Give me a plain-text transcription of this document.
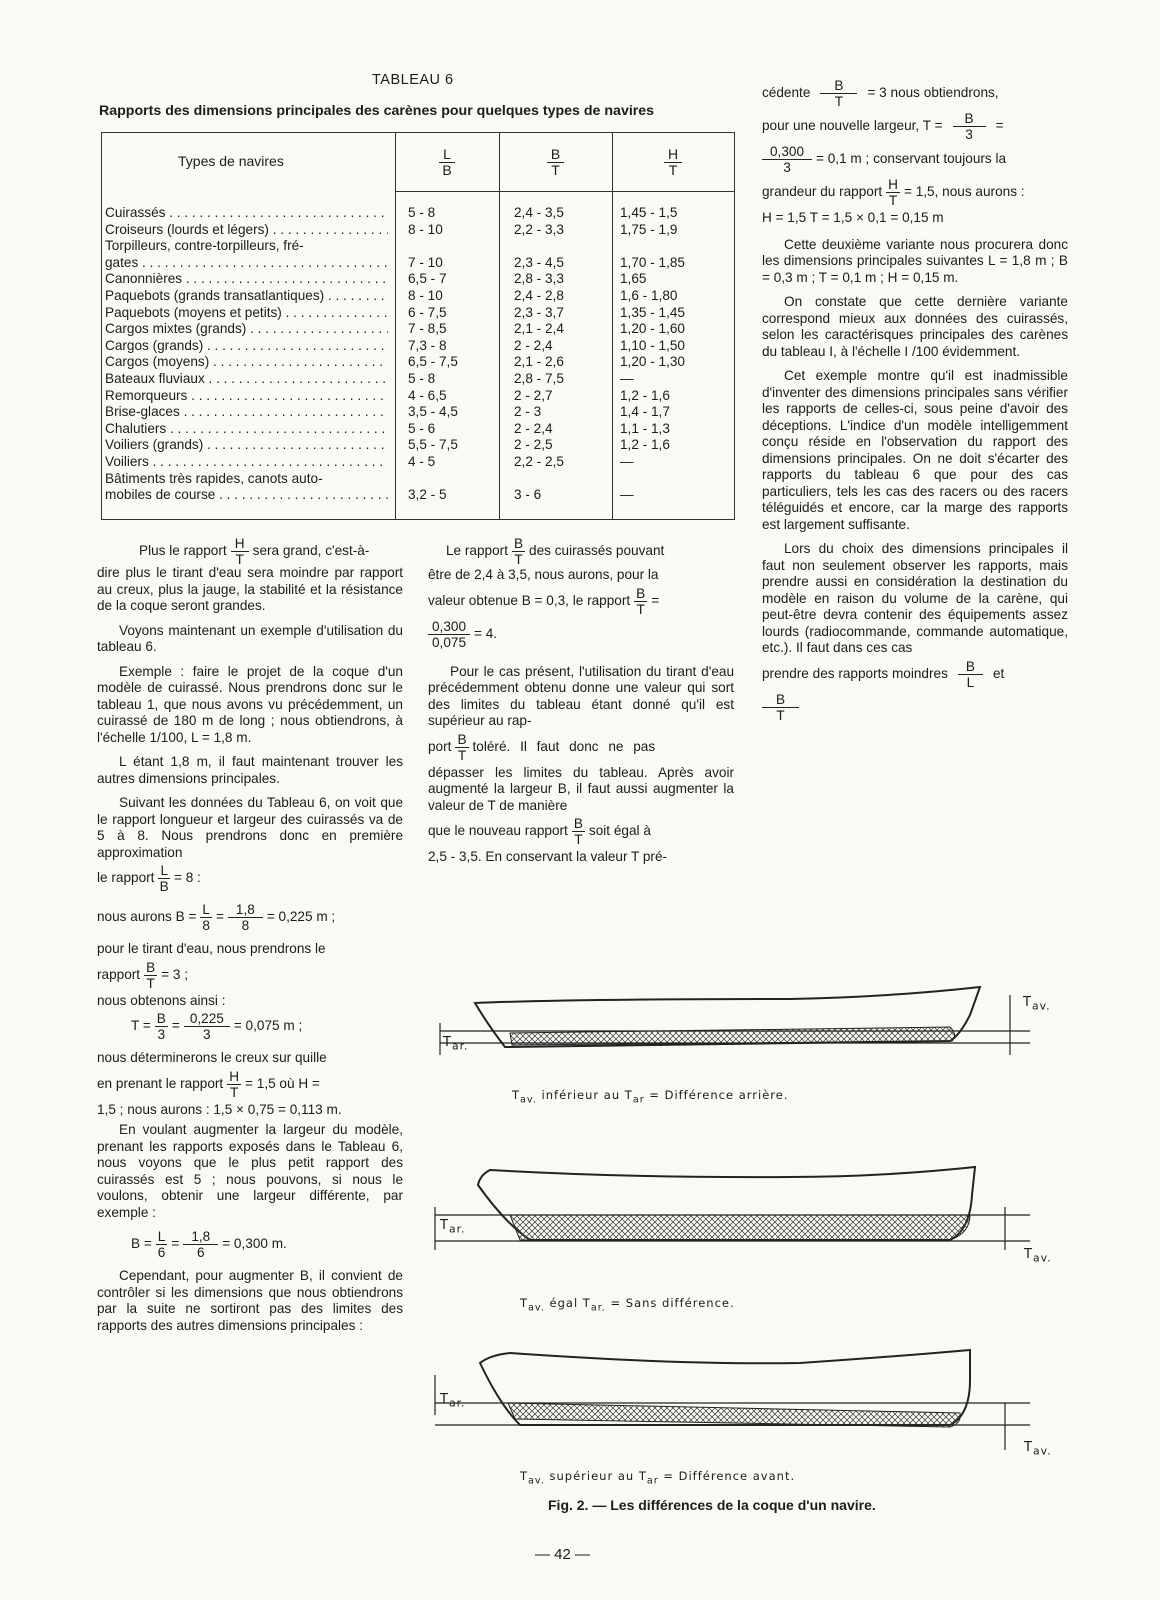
TABLEAU 6
Rapports des dimensions principales des carènes pour quelques types de navires
Types de navires	$\frac{L}{B}$	$\frac{B}{T}$	$\frac{H}{T}$
Cuirassés . . .	5 - 8	2,4 - 3,5	1,45 - 1,5
Croiseurs (lourds et légers) . . .	8 - 10	2,2 - 3,3	1,75 - 1,9
Torpilleurs, contre-torpilleurs, fré-
gates . . .	7 - 10	2,3 - 4,5	1,70 - 1,85
Canonnières . . .	6,5 - 7	2,8 - 3,3	1,65
Paquebots (grands transatlantiques) . . .	8 - 10	2,4 - 2,8	1,6 - 1,80
Paquebots (moyens et petits) . . .	6 - 7,5	2,3 - 3,7	1,35 - 1,45
Cargos mixtes (grands) . . .	7 - 8,5	2,1 - 2,4	1,20 - 1,60
Cargos (grands) . . .	7,3 - 8	2 - 2,4	1,10 - 1,50
Cargos (moyens) . . .	6,5 - 7,5	2,1 - 2,6	1,20 - 1,30
Bateaux fluviaux . . .	5 - 8	2,8 - 7,5	—
Remorqueurs . . .	4 - 6,5	2 - 2,7	1,2 - 1,6
Brise-glaces . . .	3,5 - 4,5	2 - 3	1,4 - 1,7
Chalutiers . . .	5 - 6	2 - 2,4	1,1 - 1,3
Voiliers (grands) . . .	5,5 - 7,5	2 - 2,5	1,2 - 1,6
Voiliers . . .	4 - 5	2,2 - 2,5	—
Bâtiments très rapides, canots auto-
mobiles de course . . .	3,2 - 5	3 - 6	—
Plus le rapport $\frac{H}{T}$ sera grand, c'est-à-

dire plus le tirant d'eau sera moindre par rapport au creux, plus la jauge, la stabilité et la résistance de la coque seront grandes.

Voyons maintenant un exemple d'utilisation du tableau 6.

Exemple : faire le projet de la coque d'un modèle de cuirassé. Nous prendrons donc sur le tableau 1, que nous avons vu précédemment, un cuirassé de 180 m de long ; nous obtiendrons, à l'échelle 1/100, L = 1,8 m.

L étant 1,8 m, il faut maintenant trouver les autres dimensions principales.

Suivant les données du Tableau 6, on voit que le rapport longueur et largeur des cuirassés va de 5 à 8. Nous prendrons donc en première approximation

le rapport $\frac{L}{B} = 8$ :
nous aurons $B = \frac{L}{8} = \frac{1,8}{8} = 0,225$ m ;

pour le tirant d'eau, nous prendrons le

rapport $\frac{B}{T} = 3$ ;

nous obtenons ainsi :

$T = \frac{B}{3} = \frac{0,225}{3} = 0,075$ m ;

nous déterminerons le creux sur quille

en prenant le rapport $\frac{H}{T} = 1,5$ où H =

1,5 ; nous aurons : 1,5 × 0,75 = 0,113 m.

En voulant augmenter la largeur du modèle, prenant les rapports exposés dans le Tableau 6, nous voyons que le plus petit rapport des cuirassés est 5 ; nous pouvons, si nous le voulons, obtenir une largeur différente, par exemple :

$B = \frac{L}{6} = \frac{1,8}{6} = 0,300$ m.

Cependant, pour augmenter B, il convient de contrôler si les dimensions que nous obtiendrons par la suite ne sortiront pas des limites des rapports des autres dimensions principales :

Le rapport $\frac{B}{T}$ des cuirassés pouvant

être de 2,4 à 3,5, nous aurons, pour la

valeur obtenue B = 0,3, le rapport $\frac{B}{T}$ =
$\frac{0,300}{0,075} = 4$.

Pour le cas présent, l'utilisation du tirant d'eau précédemment obtenu donne une valeur qui sort des limites du tableau étant donné qu'il est supérieur au rap-

port $\frac{B}{T}$ toléré. Il faut donc ne pas

dépasser les limites du tableau. Après avoir augmenté la largeur B, il faut aussi augmenter la valeur de T de manière

que le nouveau rapport $\frac{B}{T}$ soit égal à

2,5 - 3,5. En conservant la valeur T pré-

cédente $\frac{B}{T} = 3$ nous obtiendrons,
pour une nouvelle largeur, $T = \frac{B}{3}$ =
$\frac{0,300}{3} = 0,1$ m ; conservant toujours la
grandeur du rapport $\frac{H}{T} = 1,5$, nous aurons :

H = 1,5 T = 1,5 × 0,1 = 0,15 m

Cette deuxième variante nous procurera donc les dimensions principales suivantes L = 1,8 m ; B = 0,3 m ; T = 0,1 m ; H = 0,15 m.

On constate que cette dernière variante correspond mieux aux données des cuirassés, selon les caractérisques principales des carènes du tableau I, à l'échelle I /100 évidemment.

Cet exemple montre qu'il est inadmissible d'inventer des dimensions principales sans vérifier les rapports de celles-ci, sous peine d'avoir des déceptions. L'indice d'un modèle intelligemment conçu réside en l'observation du rapport des dimensions principales. On ne doit s'écarter des rapports du tableau 6 que pour des cas particuliers, tels les cas des racers ou des racers téléguidés et encore, car la marge des rapports est largement suffisante.

Lors du choix des dimensions principales il faut non seulement observer les rapports, mais prendre aussi en considération la destination du modèle en raison du volume de la carène, qui peut-être devra contenir des équipements assez lourds (radiocommande, commande automatique, etc.). Il faut dans ces cas

prendre des rapports moindres $\frac{B}{L}$ et
$\frac{B}{T}$
$T_{av.}$
$T_{ar.}$
$T_{av.}$ inférieur au $T_{ar}$ = Différence arrière.
$T_{ar.}$
$T_{av.}$
$T_{av.}$ égal $T_{ar.}$ = Sans différence.
$T_{ar.}$
$T_{av.}$
$T_{av.}$ supérieur au $T_{ar}$ = Différence avant.
Fig. 2. — Les différences de la coque d'un navire.
— 42 —
